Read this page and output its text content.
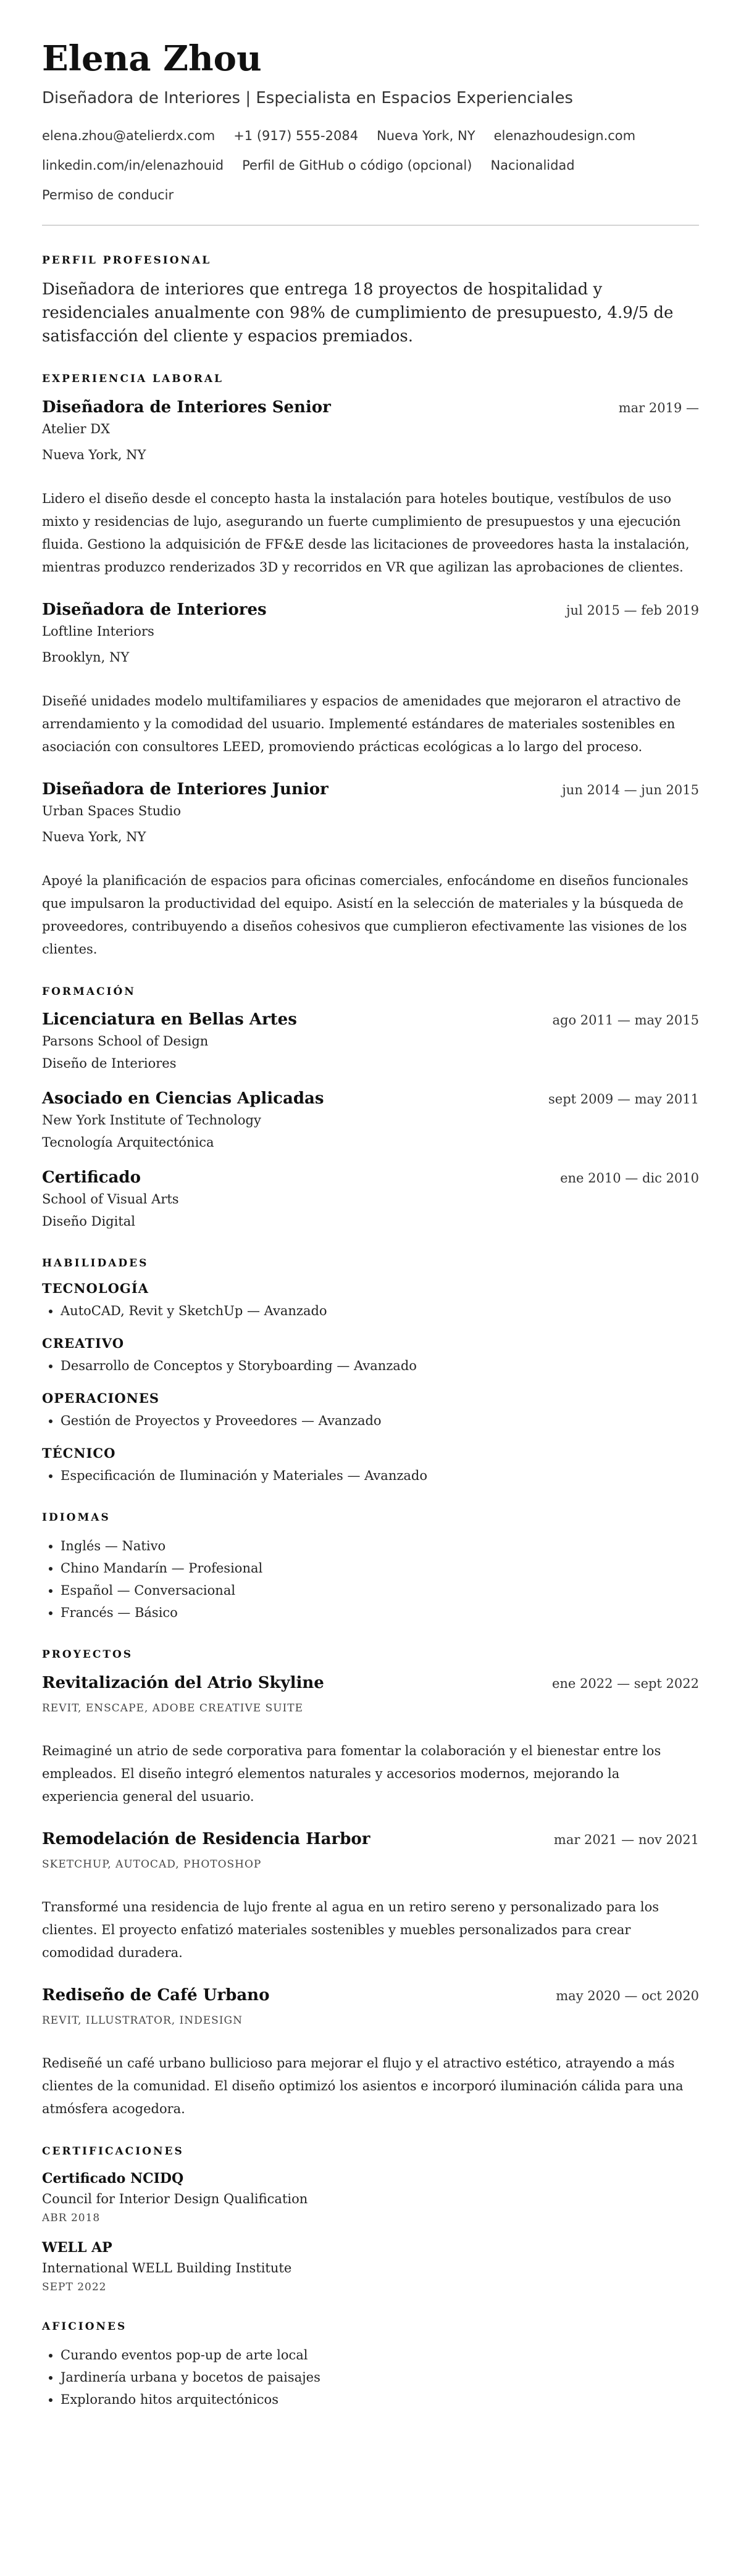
Elena Zhou
Diseñadora de Interiores | Especialista en Espacios Experienciales
elena.zhou@atelierdx.com +1 (917) 555-2084 Nueva York, NY elenazhoudesign.com
linkedin.com/in/elenazhouid Perfil de GitHub o código (opcional) Nacionalidad
Permiso de conducir
PERFIL PROFESIONAL

Diseñadora de interiores que entrega 18 proyectos de hospitalidad y residenciales anualmente con 98% de cumplimiento de presupuesto, 4.9/5 de satisfacción del cliente y espacios premiados.

EXPERIENCIA LABORAL
Diseñadora de Interiores Senior	mar 2019 —
Atelier DX
Nueva York, NY

Lidero el diseño desde el concepto hasta la instalación para hoteles boutique, vestíbulos de uso mixto y residencias de lujo, asegurando un fuerte cumplimiento de presupuestos y una ejecución fluida. Gestiono la adquisición de FF&E desde las licitaciones de proveedores hasta la instalación, mientras produzco renderizados 3D y recorridos en VR que agilizan las aprobaciones de clientes.

Diseñadora de Interiores	jul 2015 — feb 2019
Loftline Interiors
Brooklyn, NY

Diseñé unidades modelo multifamiliares y espacios de amenidades que mejoraron el atractivo de arrendamiento y la comodidad del usuario. Implementé estándares de materiales sostenibles en asociación con consultores LEED, promoviendo prácticas ecológicas a lo largo del proceso.

Diseñadora de Interiores Junior	jun 2014 — jun 2015
Urban Spaces Studio
Nueva York, NY

Apoyé la planificación de espacios para oficinas comerciales, enfocándome en diseños funcionales que impulsaron la productividad del equipo. Asistí en la selección de materiales y la búsqueda de proveedores, contribuyendo a diseños cohesivos que cumplieron efectivamente las visiones de los clientes.

FORMACIÓN
Licenciatura en Bellas Artes	ago 2011 — may 2015
Parsons School of Design
Diseño de Interiores
Asociado en Ciencias Aplicadas	sept 2009 — may 2011
New York Institute of Technology
Tecnología Arquitectónica
Certificado	ene 2010 — dic 2010
School of Visual Arts
Diseño Digital
HABILIDADES
TECNOLOGÍA
• AutoCAD, Revit y SketchUp — Avanzado
CREATIVO
• Desarrollo de Conceptos y Storyboarding — Avanzado
OPERACIONES
• Gestión de Proyectos y Proveedores — Avanzado
TÉCNICO
• Especificación de Iluminación y Materiales — Avanzado
IDIOMAS
• Inglés — Nativo
• Chino Mandarín — Profesional
• Español — Conversacional
• Francés — Básico
PROYECTOS
Revitalización del Atrio Skyline	ene 2022 — sept 2022
REVIT, ENSCAPE, ADOBE CREATIVE SUITE

Reimaginé un atrio de sede corporativa para fomentar la colaboración y el bienestar entre los empleados. El diseño integró elementos naturales y accesorios modernos, mejorando la experiencia general del usuario.

Remodelación de Residencia Harbor	mar 2021 — nov 2021
SKETCHUP, AUTOCAD, PHOTOSHOP

Transformé una residencia de lujo frente al agua en un retiro sereno y personalizado para los clientes. El proyecto enfatizó materiales sostenibles y muebles personalizados para crear comodidad duradera.

Rediseño de Café Urbano	may 2020 — oct 2020
REVIT, ILLUSTRATOR, INDESIGN

Rediseñé un café urbano bullicioso para mejorar el flujo y el atractivo estético, atrayendo a más clientes de la comunidad. El diseño optimizó los asientos e incorporó iluminación cálida para una atmósfera acogedora.

CERTIFICACIONES
Certificado NCIDQ
Council for Interior Design Qualification
ABR 2018
WELL AP
International WELL Building Institute
SEPT 2022
AFICIONES
• Curando eventos pop-up de arte local
• Jardinería urbana y bocetos de paisajes
• Explorando hitos arquitectónicos
